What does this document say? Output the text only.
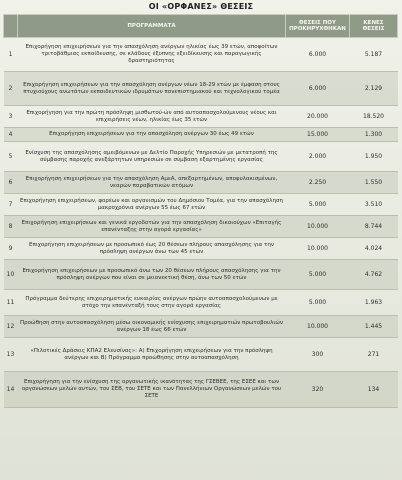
ΟΙ «ΟΡΦΑΝΕΣ» ΘΕΣΕΙΣ
	ΠΡΟΓΡΑΜΜΑΤΑ	ΘΕΣΕΙΣ ΠΟΥ ΠΡΟΚΗΡΥΧΘΗΚΑΝ	ΚΕΝΕΣ ΘΕΣΕΙΣ
1	Επιχορήγηση επιχειρήσεων για την απασχόληση ανέργων ηλικίας έως 39 ετών, αποφοίτων τριτοβάθμιας εκπαίδευσης, σε κλάδους έξυπνης εξειδίκευσης και παραγωγικής δραστηριότητας	6.000	5.187
2	Επιχορήγηση επιχειρήσεων για την απασχόληση ανέργων νέων 18-29 ετών με έμφαση στους πτυχιούχους ανωτάτων εκπαιδευτικών ιδρυμάτων πανεπιστημιακού και τεχνολογικού τομέα	6.000	2.129
3	Επιχορήγηση για την πρώτη πρόσληψη μισθωτού-ών από αυτοαπασχολούμενους νέους και επιχειρήσεις νέων, ηλικίας έως 35 ετών	20.000	18.520
4	Επιχορήγηση επιχειρήσεων για την απασχόληση ανέργων 30 έως 49 ετών	15.000	1.300
5	Ενίσχυση της απασχόλησης αμειβόμενων με Δελτίο Παροχής Υπηρεσιών με μετατροπή της σύμβασης παροχής ανεξάρτητων υπηρεσιών σε σύμβαση εξαρτημένης εργασίας	2.000	1.950
6	Επιχορήγηση επιχειρήσεων για την απασχόληση ΑμεΑ, απεξαρτημένων, αποφυλακισμένων, νεαρών παραβατικών ατόμων	2.250	1.550
7	Επιχορήγηση επιχειρήσεων, φορέων και οργανισμών του Δημόσιου Τομέα, για την απασχόληση μακροχρόνια ανέργων 55 έως 67 ετών	5.000	3.510
8	Επιχορήγηση επιχειρήσεων και γενικά εργοδοτών για την απασχόληση δικαιούχων «Επιταγής επανένταξης στην αγορά εργασίας»	10.000	8.744
9	Επιχορήγηση επιχειρήσεων με προσωπικό έως 20 θέσεων πλήρους απασχόλησης για την πρόσληψη ανέργων άνω των 45 ετών	10.000	4.024
10	Επιχορήγηση επιχειρήσεων με προσωπικό άνω των 20 θέσεων πλήρους απασχόλησης για την πρόσληψη ανέργων που είναι σε μειονεκτική θέση, άνω των 50 ετών	5.000	4.762
11	Πρόγραμμα δεύτερης επιχειρηματικής ευκαιρίας ανέργων πρώην αυτοαπασχολούμενων με στόχο την επανένταξή τους στην αγορά εργασίας	5.000	1.963
12	Προώθηση στην αυτοαπασχόληση μέσω οικονομικής ενίσχυσης επιχειρηματιών πρωτοβουλιών ανέργων 18 έως 66 ετών	10.000	1.445
13	«Πιλοτικές Δράσεις ΚΠΑ2 Ελευσίνας»: Α) Επιχορήγηση επιχειρήσεων για την πρόσληψη ανέργων και Β) Πρόγραμμα προώθησης στην αυτοαπασχόληση	300	271
14	Επιχορήγηση για την ενίσχυση της οργανωτικής ικανότητας της ΓΣΕΒΕΕ, της ΕΣΕΕ και των οργανώσεων μελών αυτών, του ΣΕΒ, του ΣΕΤΕ και των Πανελλήνιων Οργανώσεων μελών του ΣΕΤΕ	320	134
